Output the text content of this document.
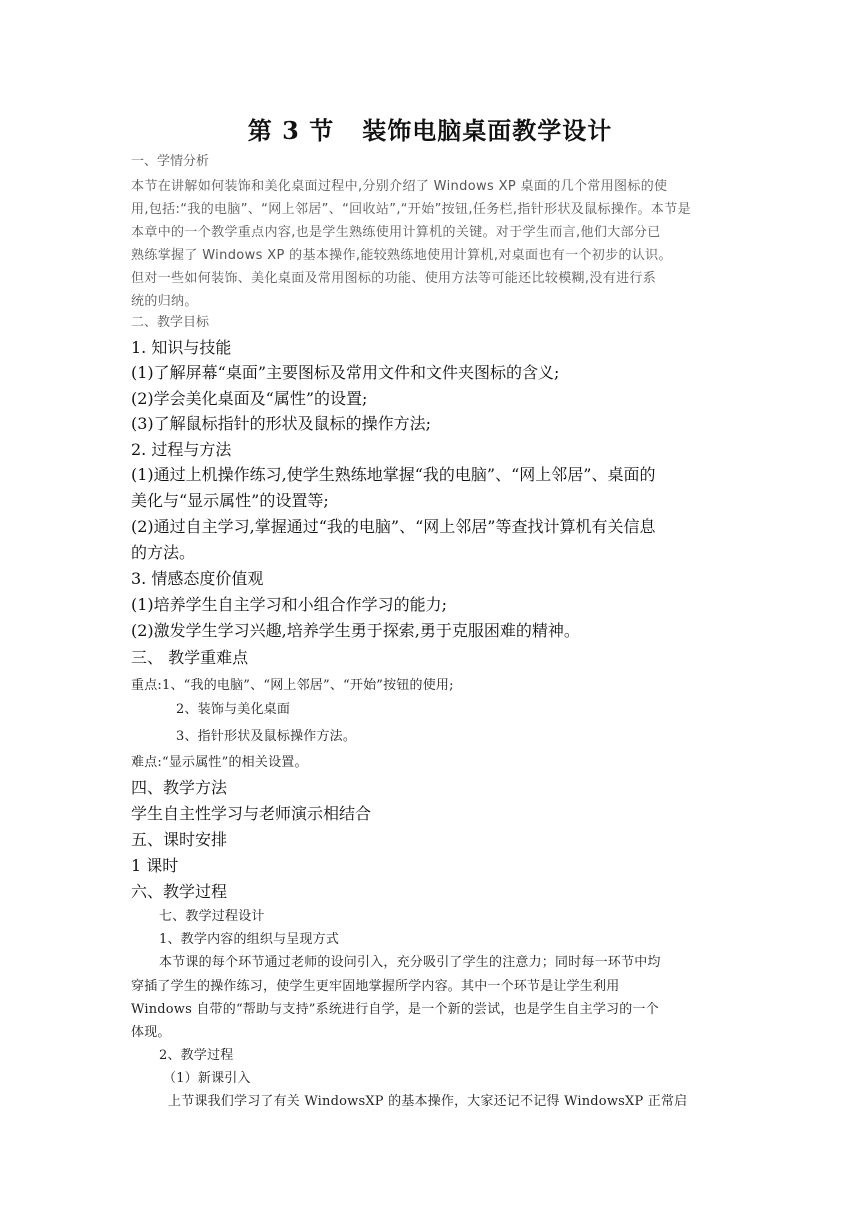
第 3 节 装饰电脑桌面教学设计

一、学情分析

本节在讲解如何装饰和美化桌面过程中,分别介绍了 Windows XP 桌面的几个常用图标的使

用,包括:“我的电脑”、“网上邻居”、“回收站”,“开始”按钮,任务栏,指针形状及鼠标操作。本节是

本章中的一个教学重点内容,也是学生熟练使用计算机的关键。对于学生而言,他们大部分已

熟练掌握了 Windows XP 的基本操作,能较熟练地使用计算机,对桌面也有一个初步的认识。

但对一些如何装饰、美化桌面及常用图标的功能、使用方法等可能还比较模糊,没有进行系

统的归纳。

二、教学目标

1. 知识与技能

(1)了解屏幕“桌面”主要图标及常用文件和文件夹图标的含义;

(2)学会美化桌面及“属性”的设置;

(3)了解鼠标指针的形状及鼠标的操作方法;

2. 过程与方法

(1)通过上机操作练习,使学生熟练地掌握“我的电脑”、“网上邻居”、桌面的

美化与“显示属性”的设置等;

(2)通过自主学习,掌握通过“我的电脑”、“网上邻居”等查找计算机有关信息

的方法。

3. 情感态度价值观

(1)培养学生自主学习和小组合作学习的能力;

(2)激发学生学习兴趣,培养学生勇于探索,勇于克服困难的精神。

三、 教学重难点

重点:1、“我的电脑”、“网上邻居”、“开始”按钮的使用;

2、装饰与美化桌面

3、指针形状及鼠标操作方法。

难点:“显示属性”的相关设置。

四、教学方法

学生自主性学习与老师演示相结合

五、课时安排

1 课时

六、教学过程

七、教学过程设计

1、教学内容的组织与呈现方式

本节课的每个环节通过老师的设问引入，充分吸引了学生的注意力；同时每一环节中均

穿插了学生的操作练习，使学生更牢固地掌握所学内容。其中一个环节是让学生利用

Windows 自带的“帮助与支持”系统进行自学，是一个新的尝试，也是学生自主学习的一个

体现。

2、教学过程

（1）新课引入

上节课我们学习了有关 WindowsXP 的基本操作，大家还记不记得 WindowsXP 正常启
